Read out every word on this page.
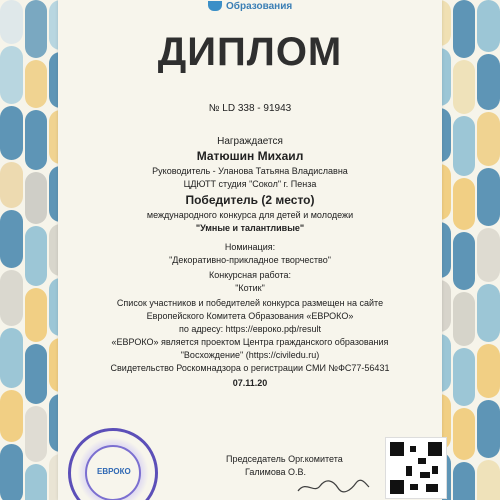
Образования
ДИПЛОМ
№ LD 338 - 91943
Награждается
Матюшин Михаил
Руководитель - Уланова Татьяна Владиславна
ЦДЮТТ студия "Сокол" г. Пенза
Победитель (2 место)
международного конкурса для детей и молодежи
"Умные и талантливые"
Номинация:
"Декоративно-прикладное творчество"
Конкурсная работа:
"Котик"
Список участников и победителей конкурса размещен на сайте
Европейского Комитета Образования «ЕВРОКО»
по адресу: https://евроко.рф/result
«ЕВРОКО» является проектом Центра гражданского образования
"Восхождение" (https://civiledu.ru)
Свидетельство Роскомнадзора о регистрации СМИ №ФС77-56431
07.11.20
ЕВРОКО
Председатель Орг.комитета
Галимова О.В.
